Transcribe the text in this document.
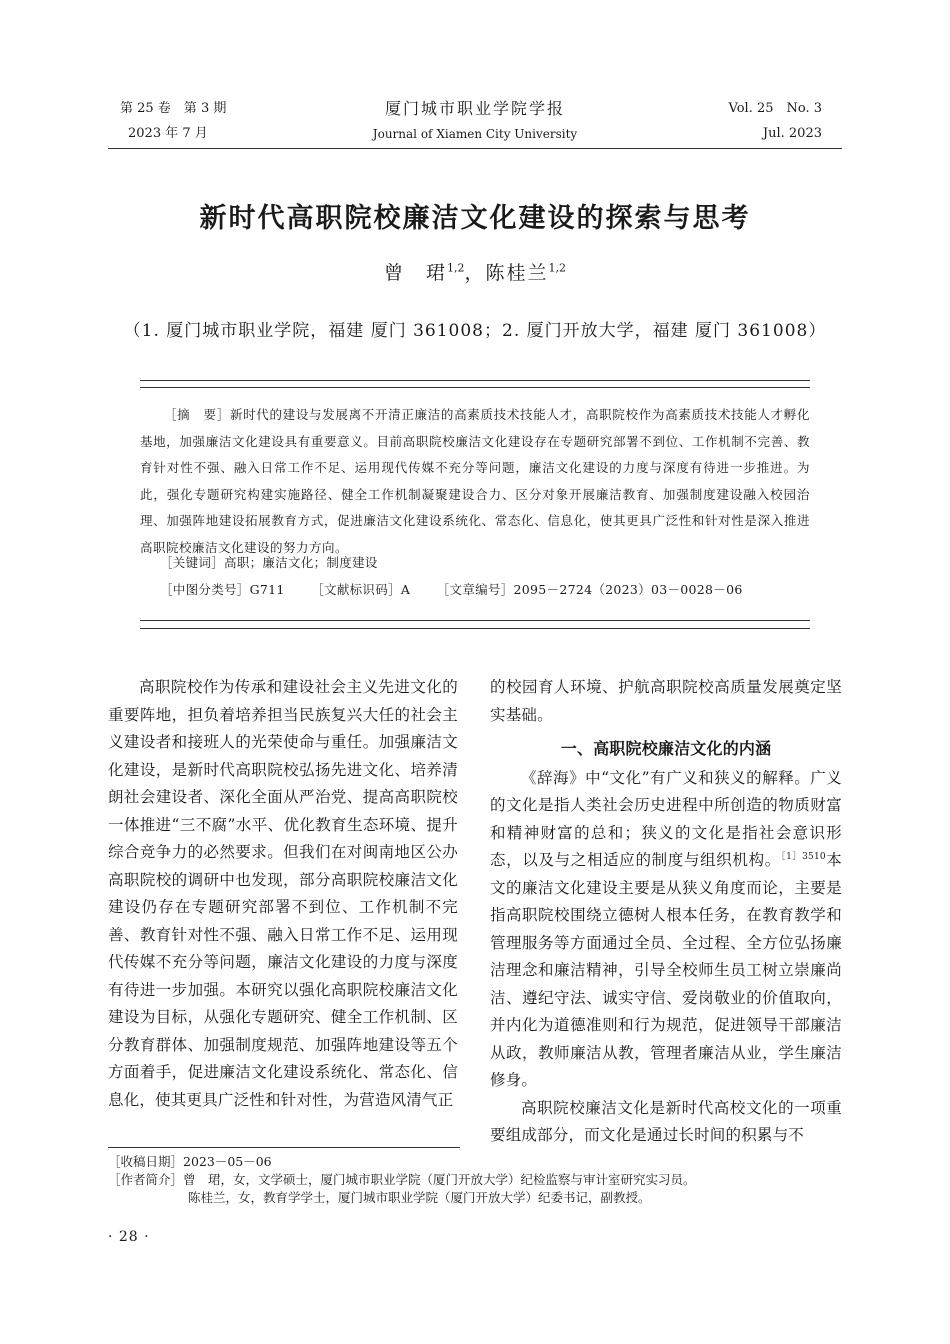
第 25 卷　第 3 期
2023 年 7 月
厦门城市职业学院学报
Journal of Xiamen City University
Vol. 25　No. 3
Jul. 2023
新时代高职院校廉洁文化建设的探索与思考
曾　珺$^{1,2}$，陈桂兰$^{1,2}$
（1. 厦门城市职业学院，福建 厦门 361008；2. 厦门开放大学，福建 厦门 361008）
［摘　要］新时代的建设与发展离不开清正廉洁的高素质技术技能人才，高职院校作为高素质技术技能人才孵化基地，加强廉洁文化建设具有重要意义。目前高职院校廉洁文化建设存在专题研究部署不到位、工作机制不完善、教育针对性不强、融入日常工作不足、运用现代传媒不充分等问题，廉洁文化建设的力度与深度有待进一步推进。为此，强化专题研究构建实施路径、健全工作机制凝聚建设合力、区分对象开展廉洁教育、加强制度建设融入校园治理、加强阵地建设拓展教育方式，促进廉洁文化建设系统化、常态化、信息化，使其更具广泛性和针对性是深入推进高职院校廉洁文化建设的努力方向。
［关键词］高职；廉洁文化；制度建设
［中图分类号］G711 ［文献标识码］A ［文章编号］2095－2724（2023）03－0028－06

高职院校作为传承和建设社会主义先进文化的重要阵地，担负着培养担当民族复兴大任的社会主义建设者和接班人的光荣使命与重任。加强廉洁文化建设，是新时代高职院校弘扬先进文化、培养清朗社会建设者、深化全面从严治党、提高高职院校一体推进“三不腐”水平、优化教育生态环境、提升综合竞争力的必然要求。但我们在对闽南地区公办高职院校的调研中也发现，部分高职院校廉洁文化建设仍存在专题研究部署不到位、工作机制不完善、教育针对性不强、融入日常工作不足、运用现代传媒不充分等问题，廉洁文化建设的力度与深度有待进一步加强。本研究以强化高职院校廉洁文化建设为目标，从强化专题研究、健全工作机制、区分教育群体、加强制度规范、加强阵地建设等五个方面着手，促进廉洁文化建设系统化、常态化、信息化，使其更具广泛性和针对性，为营造风清气正

的校园育人环境、护航高职院校高质量发展奠定坚实基础。

一、高职院校廉洁文化的内涵

《辞海》中“文化”有广义和狭义的解释。广义的文化是指人类社会历史进程中所创造的物质财富和精神财富的总和；狭义的文化是指社会意识形态，以及与之相适应的制度与组织机构。$^{[1]3510}$本文的廉洁文化建设主要是从狭义角度而论，主要是指高职院校围绕立德树人根本任务，在教育教学和管理服务等方面通过全员、全过程、全方位弘扬廉洁理念和廉洁精神，引导全校师生员工树立崇廉尚洁、遵纪守法、诚实守信、爱岗敬业的价值取向，并内化为道德准则和行为规范，促进领导干部廉洁从政，教师廉洁从教，管理者廉洁从业，学生廉洁修身。

高职院校廉洁文化是新时代高校文化的一项重要组成部分，而文化是通过长时间的积累与不

［收稿日期］2023－05－06
［作者简介］曾　珺，女，文学硕士，厦门城市职业学院（厦门开放大学）纪检监察与审计室研究实习员。
陈桂兰，女，教育学学士，厦门城市职业学院（厦门开放大学）纪委书记，副教授。
· 28 ·
